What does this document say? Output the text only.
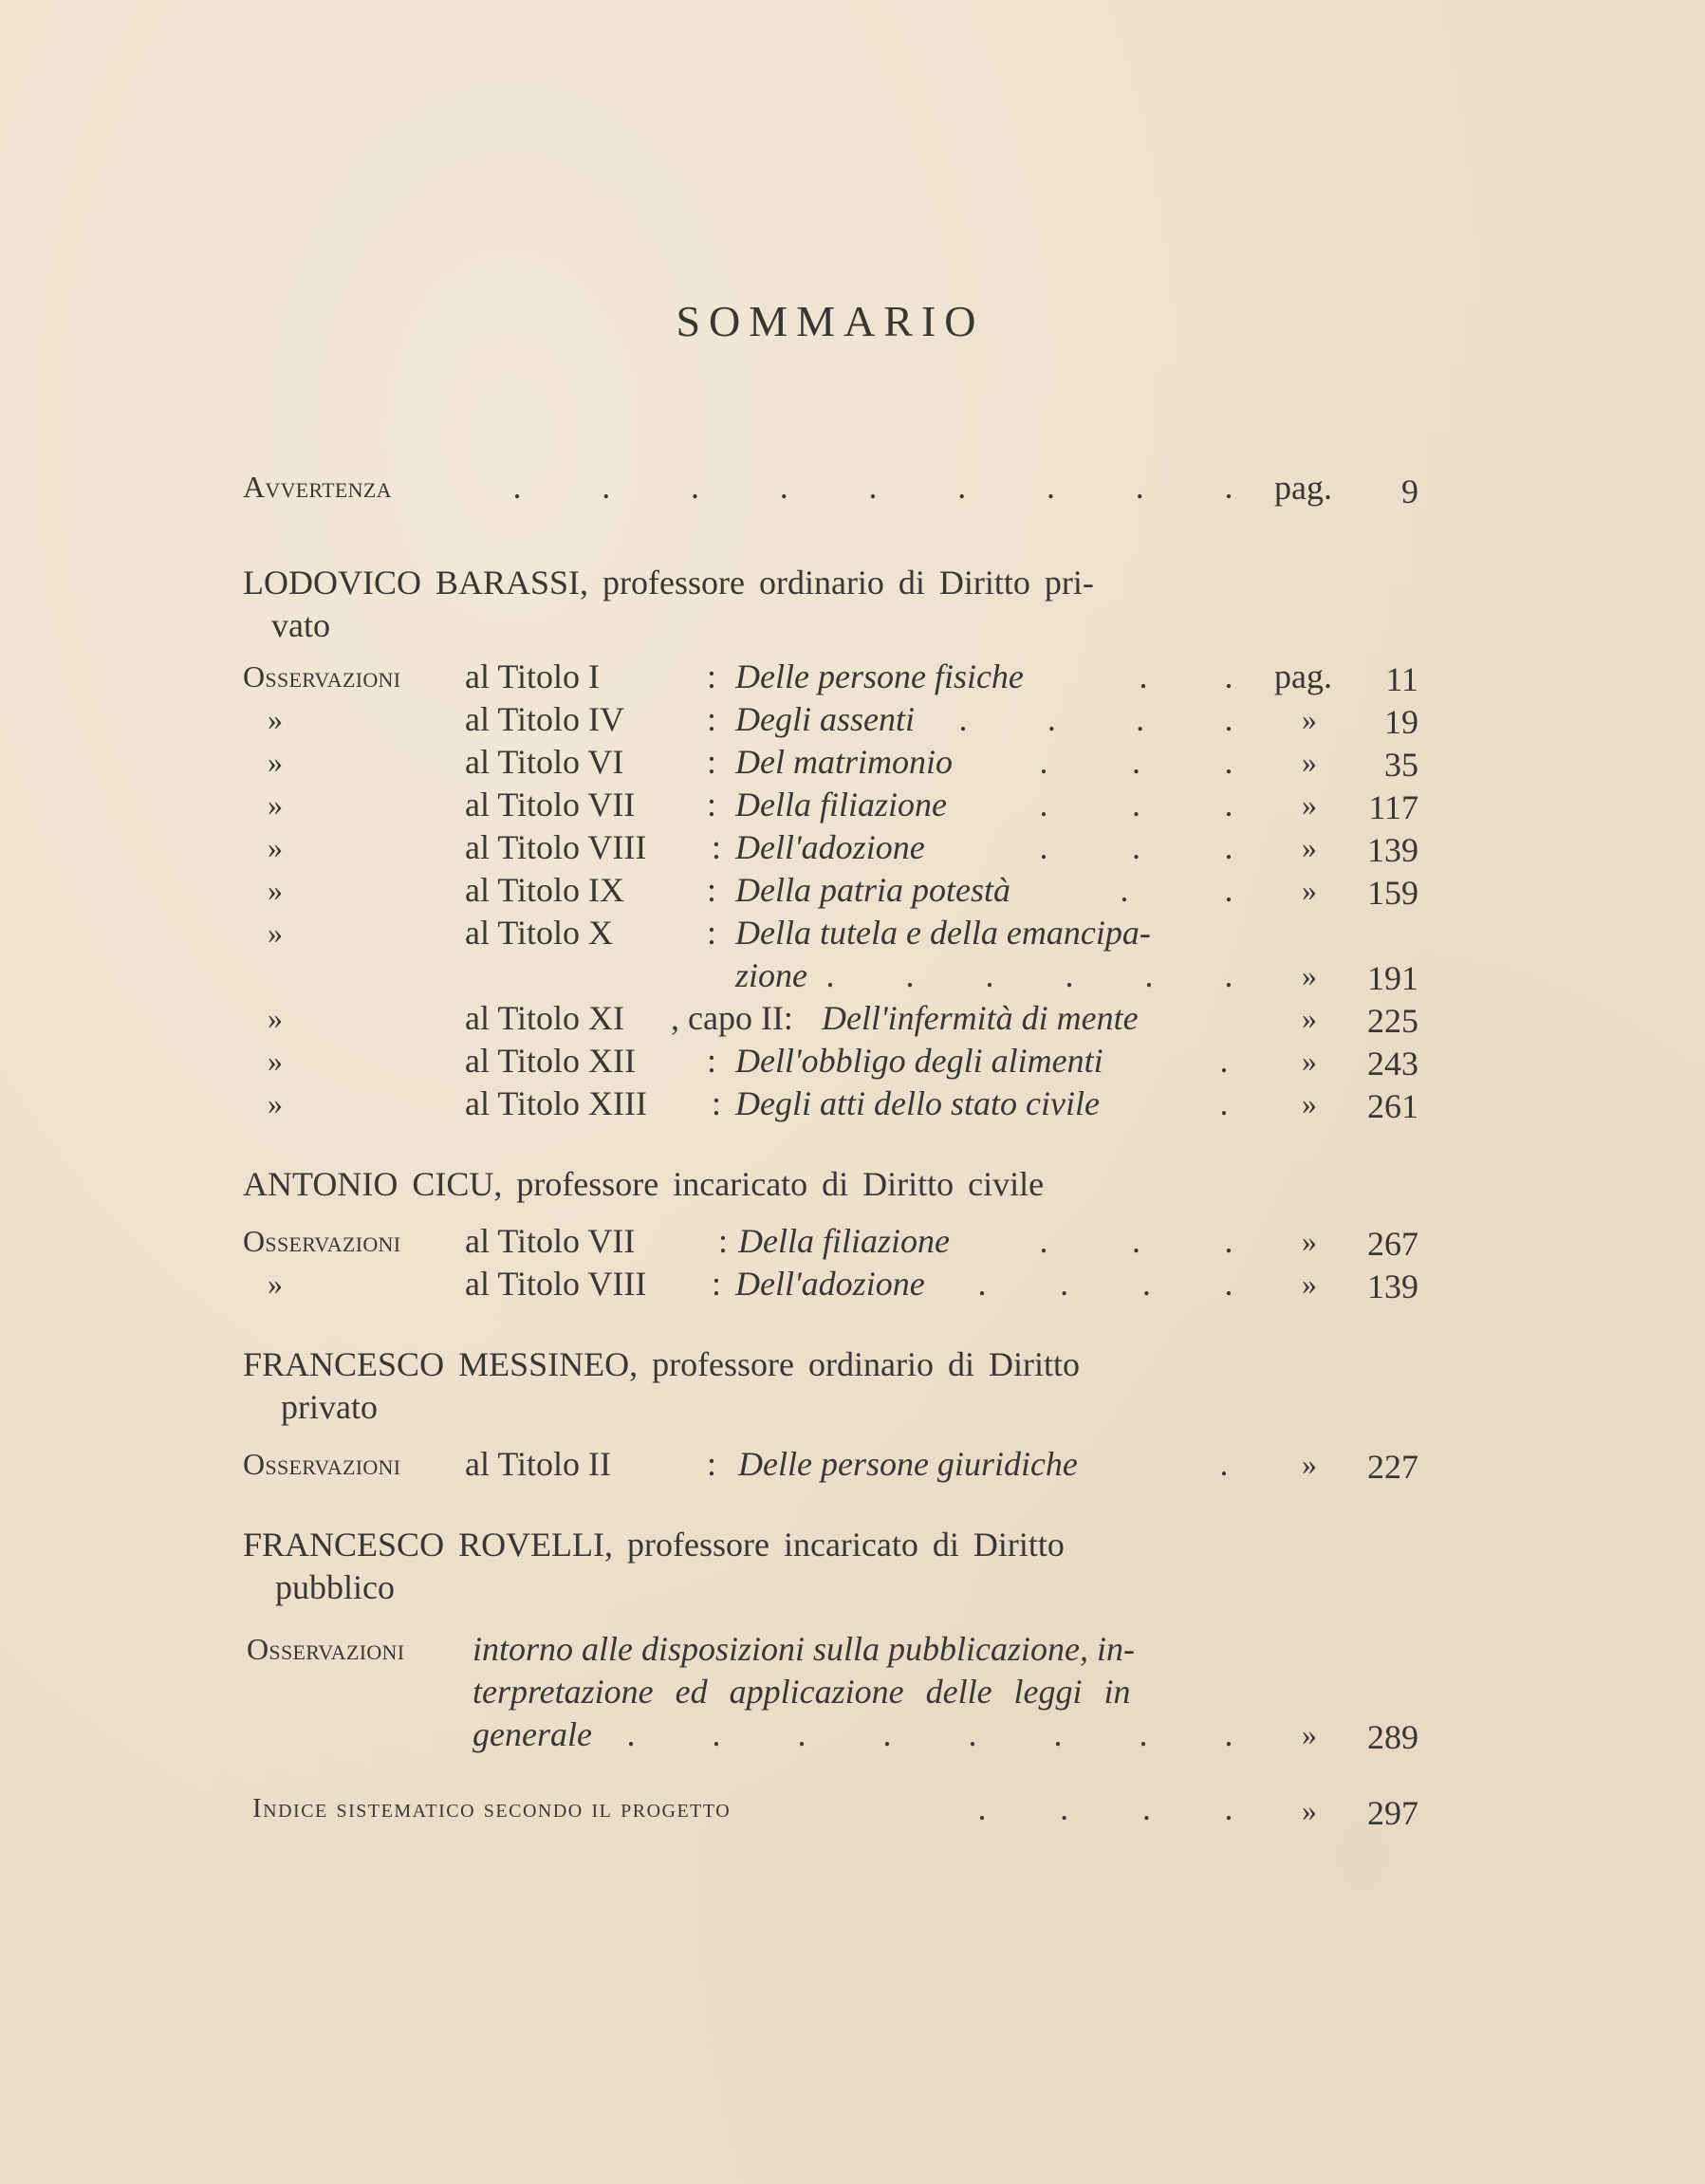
SOMMARIO
Avvertenza	. . . . . . . . . pag.	9
LODOVICO BARASSI, professore ordinario di Diritto pri-
vato
Osservazioni al Titolo I	: Delle persone fisiche	. . pag.	11
»	al Titolo IV : Degli assenti . . . . »	19
»	al Titolo VI : Del matrimonio	. . . »	35
»	al Titolo VII : Della filiazione	. . . »	117
»	al Titolo VIII : Dell'adozione	. . . »	139
»	al Titolo IX : Della patria potestà	.	. »	159
»	al Titolo X	: Della tutela e della emancipa-
zione . . . . . . »	191
»	al Titolo XI , capo II: Dell'infermità di mente	»	225
»	al Titolo XII : Dell'obbligo degli alimenti	. »	243
»	al Titolo XIII : Degli atti dello stato civile	. »	261
ANTONIO CICU, professore incaricato di Diritto civile
Osservazioni al Titolo VII : Della filiazione	. . . »	267
»	al Titolo VIII : Dell'adozione . . . . »	139
FRANCESCO MESSINEO, professore ordinario di Diritto
privato
Osservazioni al Titolo II	: Delle persone giuridiche	. »	227
FRANCESCO ROVELLI, professore incaricato di Diritto
pubblico
Osservazioni intorno alle disposizioni sulla pubblicazione, in-
terpretazione ed applicazione delle leggi in
generale . . . . . . . . »	289
Indice sistematico secondo il progetto	. . . . »	297
